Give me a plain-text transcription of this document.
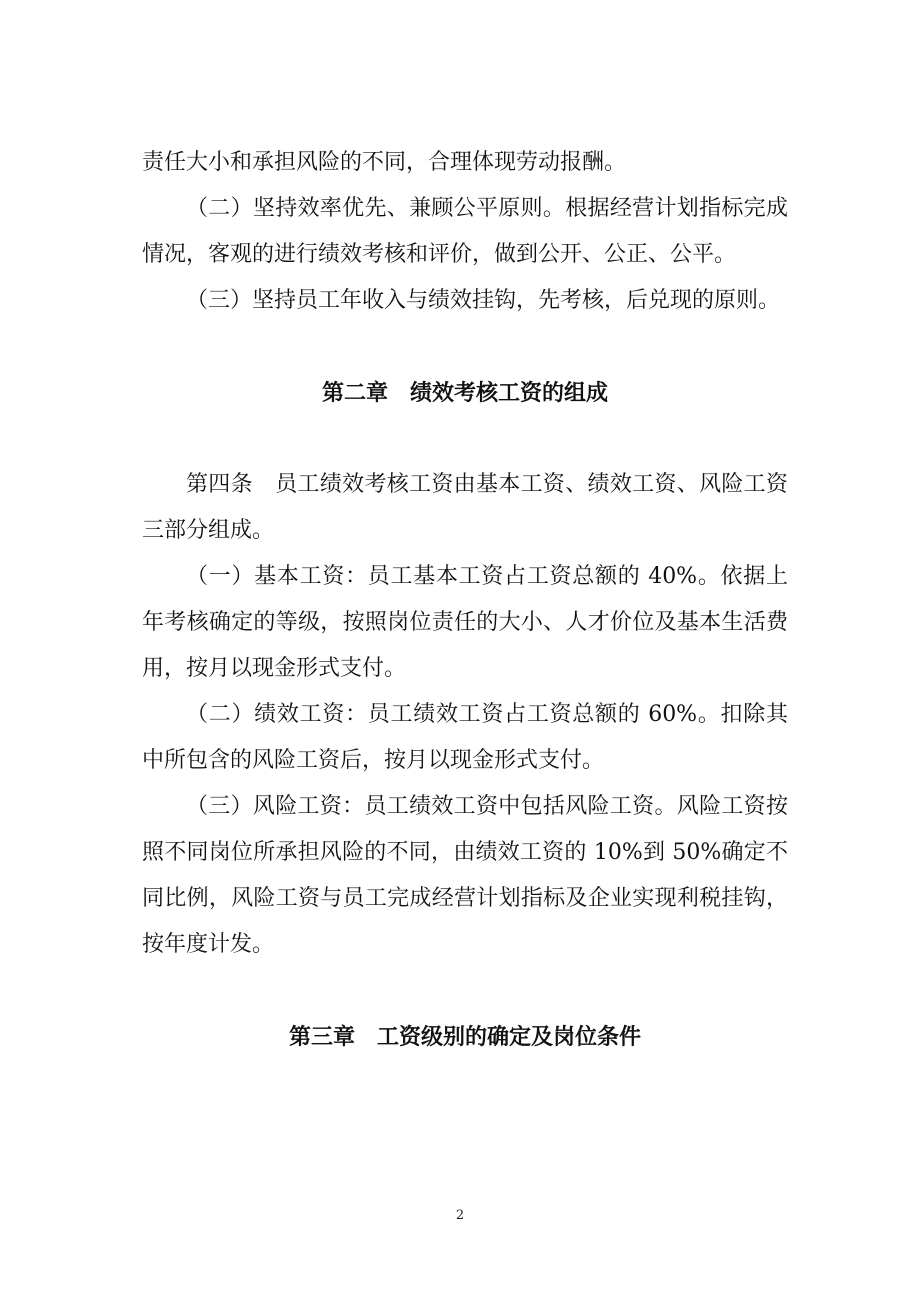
责任大小和承担风险的不同，合理体现劳动报酬。

（二）坚持效率优先、兼顾公平原则。根据经营计划指标完成情况，客观的进行绩效考核和评价，做到公开、公正、公平。

（三）坚持员工年收入与绩效挂钩，先考核，后兑现的原则。

第二章　绩效考核工资的组成

第四条　员工绩效考核工资由基本工资、绩效工资、风险工资三部分组成。

（一）基本工资：员工基本工资占工资总额的 40%。依据上年考核确定的等级，按照岗位责任的大小、人才价位及基本生活费用，按月以现金形式支付。

（二）绩效工资：员工绩效工资占工资总额的 60%。扣除其中所包含的风险工资后，按月以现金形式支付。

（三）风险工资：员工绩效工资中包括风险工资。风险工资按照不同岗位所承担风险的不同，由绩效工资的 10%到 50%确定不同比例，风险工资与员工完成经营计划指标及企业实现利税挂钩，按年度计发。

第三章　工资级别的确定及岗位条件
2
